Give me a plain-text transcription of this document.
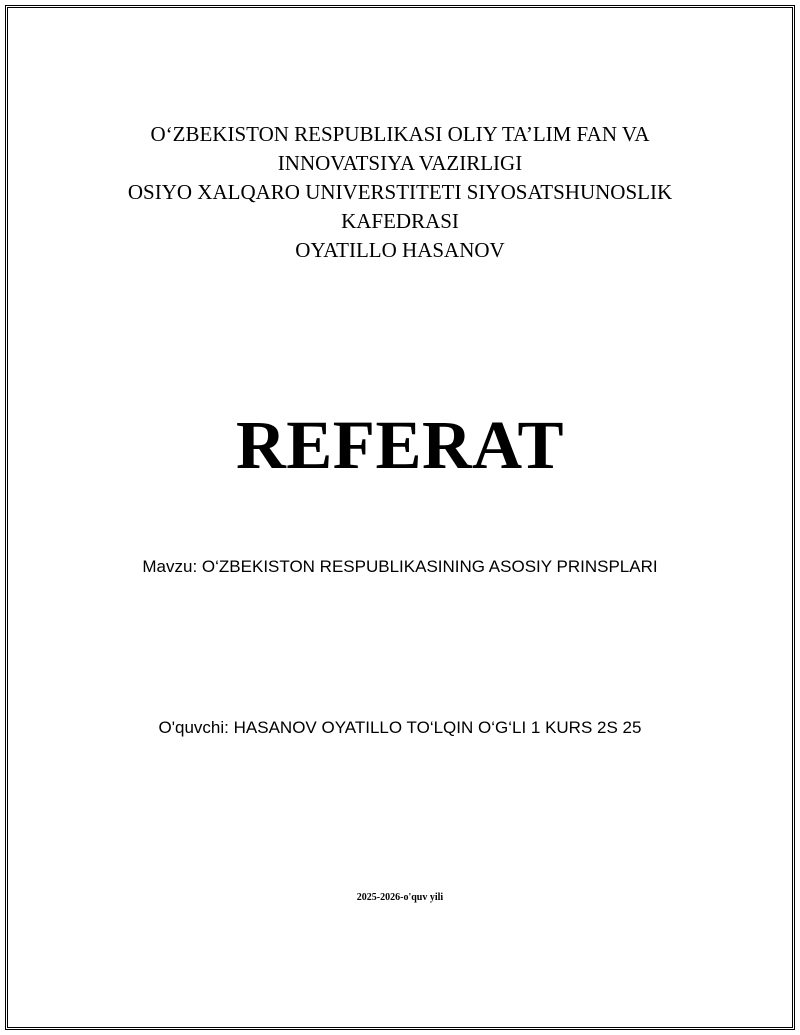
O‘ZBEKISTON RESPUBLIKASI OLIY TA’LIM FAN VA
INNOVATSIYA VAZIRLIGI
OSIYO XALQARO UNIVERSTITETI SIYOSATSHUNOSLIK
KAFEDRASI
OYATILLO HASANOV
REFERAT
Mavzu: O‘ZBEKISTON RESPUBLIKASINING ASOSIY PRINSPLARI
O'quvchi: HASANOV OYATILLO TO‘LQIN O‘G‘LI 1 KURS 2S 25
2025-2026-o'quv yili
